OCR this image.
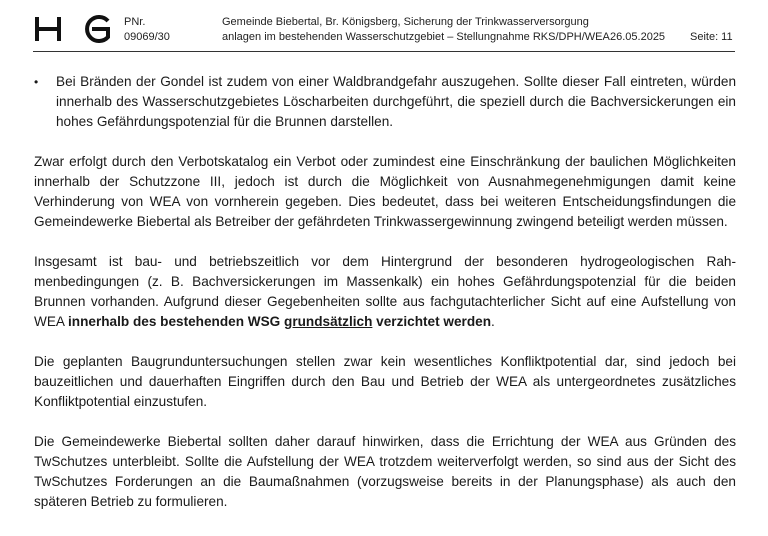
PNr.
09069/30
Gemeinde Biebertal, Br. Königsberg, Sicherung der Trinkwasserversorgung
anlagen im bestehenden Wasserschutzgebiet – Stellungnahme RKS/DPH/WEA 26.05.2025 Seite: 11
•	Bei Bränden der Gondel ist zudem von einer Waldbrandgefahr auszugehen. Sollte dieser Fall eintreten, würden innerhalb des Wasserschutzgebietes Löscharbeiten durchgeführt, die speziell durch die Bachversickerungen ein hohes Gefährdungspotenzial für die Brunnen darstellen.

Zwar erfolgt durch den Verbotskatalog ein Verbot oder zumindest eine Einschränkung der baulichen Möglichkeiten innerhalb der Schutzzone III, jedoch ist durch die Möglichkeit von Ausnahmegenehmigungen damit keine Verhinderung von WEA von vornherein gegeben. Dies bedeutet, dass bei weiteren Entscheidungsfindungen die Gemeindewerke Biebertal als Betreiber der gefährdeten Trinkwassergewinnung zwingend beteiligt werden müssen.

Insgesamt ist bau- und betriebszeitlich vor dem Hintergrund der besonderen hydrogeologischen Rahmenbedingungen (z. B. Bachversickerungen im Massenkalk) ein hohes Gefährdungspotenzial für die beiden Brunnen vorhanden. Aufgrund dieser Gegebenheiten sollte aus fachgutachterlicher Sicht auf eine Aufstellung von WEA innerhalb des bestehenden WSG grundsätzlich verzichtet werden.

Die geplanten Baugrunduntersuchungen stellen zwar kein wesentliches Konfliktpotential dar, sind jedoch bei bauzeitlichen und dauerhaften Eingriffen durch den Bau und Betrieb der WEA als untergeordnetes zusätzliches Konfliktpotential einzustufen.

Die Gemeindewerke Biebertal sollten daher darauf hinwirken, dass die Errichtung der WEA aus Gründen des TwSchutzes unterbleibt. Sollte die Aufstellung der WEA trotzdem weiterverfolgt werden, so sind aus der Sicht des TwSchutzes Forderungen an die Baumaßnahmen (vorzugsweise bereits in der Planungsphase) als auch den späteren Betrieb zu formulieren.
